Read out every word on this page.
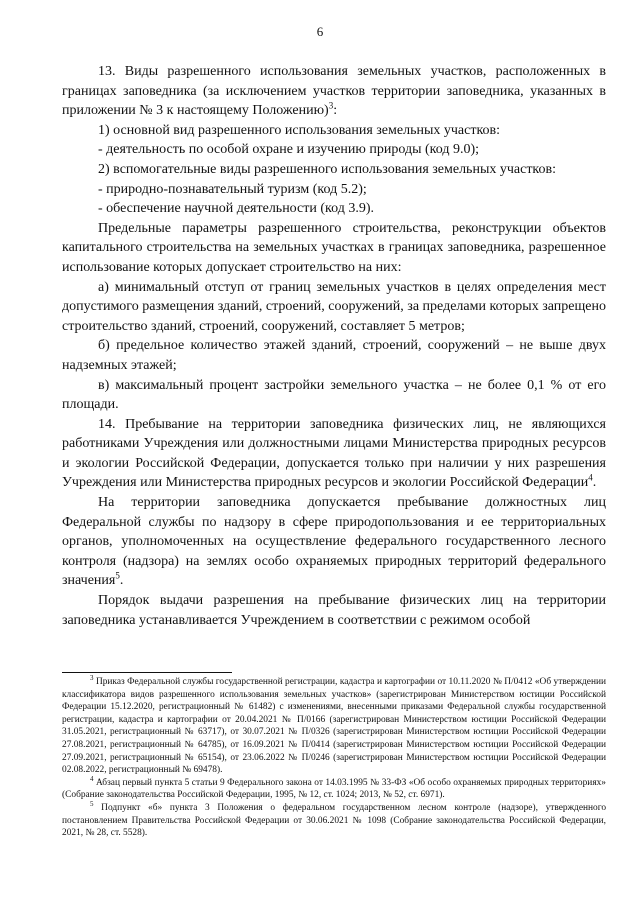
6

13. Виды разрешенного использования земельных участков, расположенных в границах заповедника (за исключением участков территории заповедника, указанных в приложении № 3 к настоящему Положению)$^3$:

1) основной вид разрешенного использования земельных участков:

- деятельность по особой охране и изучению природы (код 9.0);

2) вспомогательные виды разрешенного использования земельных участков:

- природно-познавательный туризм (код 5.2);

- обеспечение научной деятельности (код 3.9).

Предельные параметры разрешенного строительства, реконструкции объектов капитального строительства на земельных участках в границах заповедника, разрешенное использование которых допускает строительство на них:

а) минимальный отступ от границ земельных участков в целях определения мест допустимого размещения зданий, строений, сооружений, за пределами которых запрещено строительство зданий, строений, сооружений, составляет 5 метров;

б) предельное количество этажей зданий, строений, сооружений – не выше двух надземных этажей;

в) максимальный процент застройки земельного участка – не более 0,1 % от его площади.

14. Пребывание на территории заповедника физических лиц, не являющихся работниками Учреждения или должностными лицами Министерства природных ресурсов и экологии Российской Федерации, допускается только при наличии у них разрешения Учреждения или Министерства природных ресурсов и экологии Российской Федерации$^4$.

На территории заповедника допускается пребывание должностных лиц Федеральной службы по надзору в сфере природопользования и ее территориальных органов, уполномоченных на осуществление федерального государственного лесного контроля (надзора) на землях особо охраняемых природных территорий федерального значения$^5$.

Порядок выдачи разрешения на пребывание физических лиц на территории заповедника устанавливается Учреждением в соответствии с режимом особой

$^3$ Приказ Федеральной службы государственной регистрации, кадастра и картографии от 10.11.2020 № П/0412 «Об утверждении классификатора видов разрешенного использования земельных участков» (зарегистрирован Министерством юстиции Российской Федерации 15.12.2020, регистрационный № 61482) с изменениями, внесенными приказами Федеральной службы государственной регистрации, кадастра и картографии от 20.04.2021 № П/0166 (зарегистрирован Министерством юстиции Российской Федерации 31.05.2021, регистрационный № 63717), от 30.07.2021 № П/0326 (зарегистрирован Министерством юстиции Российской Федерации 27.08.2021, регистрационный № 64785), от 16.09.2021 № П/0414 (зарегистрирован Министерством юстиции Российской Федерации 27.09.2021, регистрационный № 65154), от 23.06.2022 № П/0246 (зарегистрирован Министерством юстиции Российской Федерации 02.08.2022, регистрационный № 69478).

$^4$ Абзац первый пункта 5 статьи 9 Федерального закона от 14.03.1995 № 33-ФЗ «Об особо охраняемых природных территориях» (Собрание законодательства Российской Федерации, 1995, № 12, ст. 1024; 2013, № 52, ст. 6971).

$^5$ Подпункт «б» пункта 3 Положения о федеральном государственном лесном контроле (надзоре), утвержденного постановлением Правительства Российской Федерации от 30.06.2021 № 1098 (Собрание законодательства Российской Федерации, 2021, № 28, ст. 5528).
